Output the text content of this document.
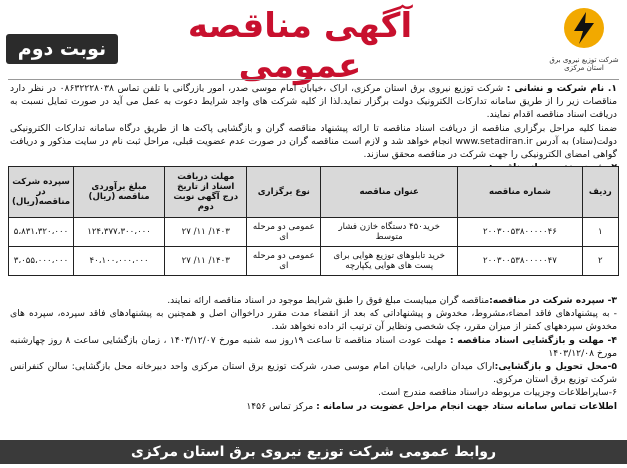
شرکت توزیع نیروی برق استان مرکزی
آگهی مناقصه عمومی
نوبت دوم

۱. نام شرکت و نشانی : شرکت توزیع نیروی برق استان مرکزی، اراک ،خیابان امام موسی صدر، امور بازرگانی با تلفن تماس ۰۸۶۳۲۲۲۸۰۳۸ در نظر دارد مناقصات زیر را از طریق سامانه تدارکات الکترونیک دولت برگزار نماید.لذا از کلیه شرکت های واجد شرایط دعوت به عمل می آید در صورت تمایل نسبت به دریافت اسناد مناقصه اقدام نمایند.

ضمنا کلیه مراحل برگزاری مناقصه از دریافت اسناد مناقصه تا ارائه پیشنهاد مناقصه گران و بازگشایی پاکت ها از طریق درگاه سامانه تدارکات الکترونیکی دولت(ستاد) به آدرس www.setadiran.ir انجام خواهد شد و لازم است مناقصه گران در صورت عدم عضویت قبلی، مراحل ثبت نام در سایت مذکور و دریافت گواهی امضای الکترونیکی را جهت شرکت در مناقصه محقق سازند.

ردیف	شماره مناقصه	عنوان مناقصه	نوع برگزاری	مهلت دریافت اسناد از تاریخ درج آگهی نوبت دوم	مبلغ برآوردی مناقصه (ریال)	سپرده شرکت در مناقصه(ریال)
۱	۲۰۰۳۰۰۵۳۸۰۰۰۰۰۴۶	خرید۴۵۰ دستگاه خازن فشار متوسط	عمومی دو مرحله ای	۱۴۰۳/ ۱۱/ ۲۷	۱۲۴،۳۷۷،۳۰۰،۰۰۰	۵،۸۳۱،۳۲۰،۰۰۰
۲	۲۰۰۳۰۰۵۳۸۰۰۰۰۰۴۷	خرید تابلوهای توزیع هوایی برای پست های هوایی یکپارچه	عمومی دو مرحله ای	۱۴۰۳/ ۱۱/ ۲۷	۴۰،۱۰۰،۰۰۰،۰۰۰	۳،۰۵۵،۰۰۰،۰۰۰

۳- سپرده شرکت در مناقصه:مناقصه گران میبایست مبلغ فوق را طبق شرایط موجود در اسناد مناقصه ارائه نمایند.

- به پیشنهادهای فاقد امضاء،مشروط، مخدوش و پیشنهاداتی که بعد از انقضاء مدت مقرر دراخواان اصل و همچنین به پیشنهادهای فاقد سپرده، سپرده های مخدوش سپردههای کمتر از میزان مقرر، چک شخصی ونظایر آن ترتیب اثر داده نخواهد شد.

۴- مهلت و بازگشایی اسناد مناقصه : مهلت عودت اسناد مناقصه تا ساعت ۱۹روز سه شنبه مورخ ۱۴۰۳/۱۲/۰۷ ، زمان بازگشایی ساعت ۸ روز چهارشنبه مورخ ۱۴۰۳/۱۲/۰۸

۵-محل تحویل و بازگشایی:اراک میدان دارایی، خیابان امام موسی صدر، شرکت توزیع برق استان مرکزی واحد دبیرخانه محل بازگشایی: سالن کنفرانس شرکت توزیع برق استان مرکزی.

۶-سایراطلاعات وجزییات مربوطه دراسناد مناقصه مندرج است.

اطلاعات تماس سامانه ستاد جهت انجام مراحل عضویت در سامانه : مرکز تماس ۱۴۵۶

روابط عمومی شرکت توزیع نیروی برق استان مرکزی
